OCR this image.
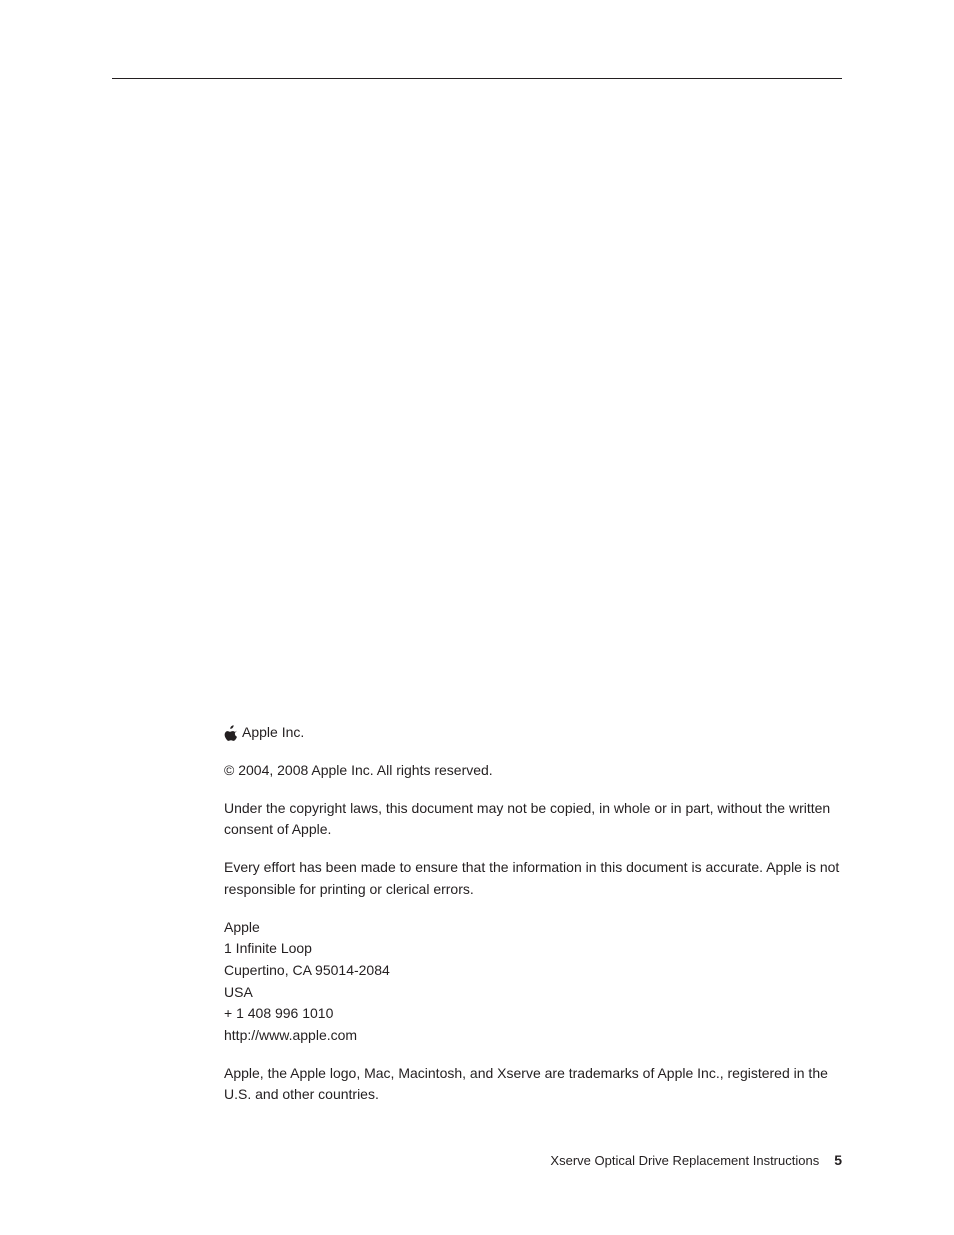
Apple Inc.

© 2004, 2008 Apple Inc. All rights reserved.

Under the copyright laws, this document may not be copied, in whole or in part, without the written consent of Apple.

Every effort has been made to ensure that the information in this document is accurate. Apple is not responsible for printing or clerical errors.

Apple
1 Infinite Loop
Cupertino, CA 95014-2084
USA
+ 1 408 996 1010
http://www.apple.com

Apple, the Apple logo, Mac, Macintosh, and Xserve are trademarks of Apple Inc., registered in the U.S. and other countries.

Xserve Optical Drive Replacement Instructions 5
